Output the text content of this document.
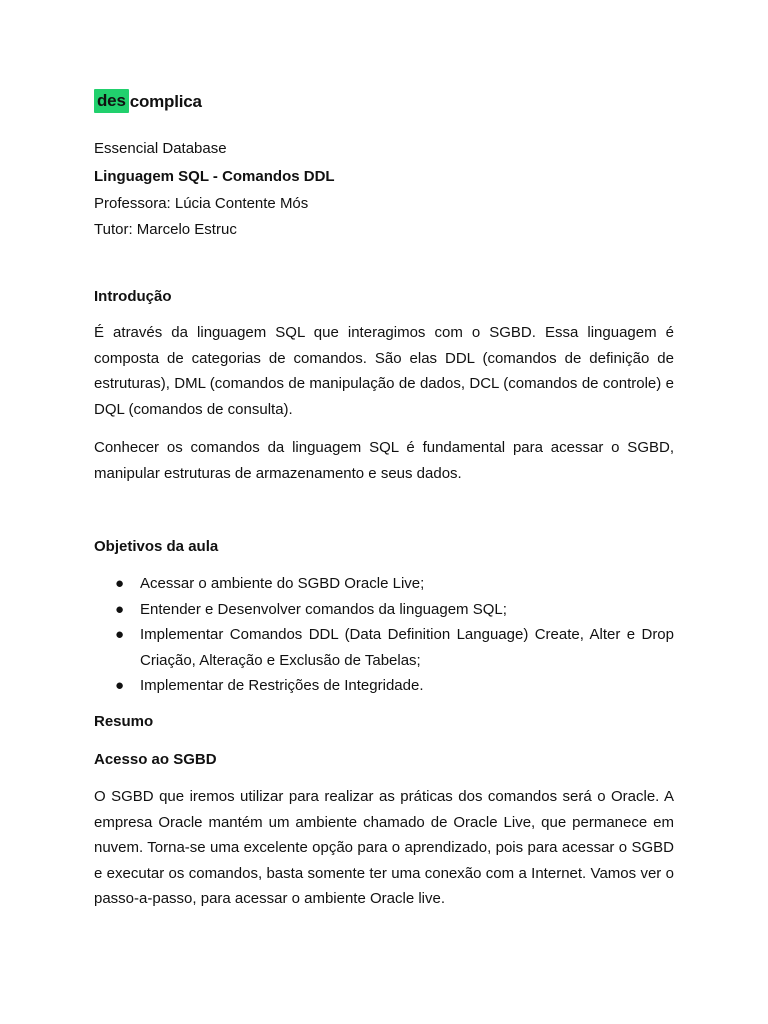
des complica
Essencial Database
Linguagem SQL - Comandos DDL
Professora: Lúcia Contente Mós
Tutor: Marcelo Estruc
Introdução

É através da linguagem SQL que interagimos com o SGBD. Essa linguagem é composta de categorias de comandos. São elas DDL (comandos de definição de estruturas), DML (comandos de manipulação de dados, DCL (comandos de controle) e DQL (comandos de consulta).

Conhecer os comandos da linguagem SQL é fundamental para acessar o SGBD, manipular estruturas de armazenamento e seus dados.

Objetivos da aula
● Acessar o ambiente do SGBD Oracle Live;
● Entender e Desenvolver comandos da linguagem SQL;
● Implementar Comandos DDL (Data Definition Language) Create, Alter e Drop Criação, Alteração e Exclusão de Tabelas;
● Implementar de Restrições de Integridade.
Resumo
Acesso ao SGBD

O SGBD que iremos utilizar para realizar as práticas dos comandos será o Oracle. A empresa Oracle mantém um ambiente chamado de Oracle Live, que permanece em nuvem. Torna-se uma excelente opção para o aprendizado, pois para acessar o SGBD e executar os comandos, basta somente ter uma conexão com a Internet. Vamos ver o passo-a-passo, para acessar o ambiente Oracle live.
